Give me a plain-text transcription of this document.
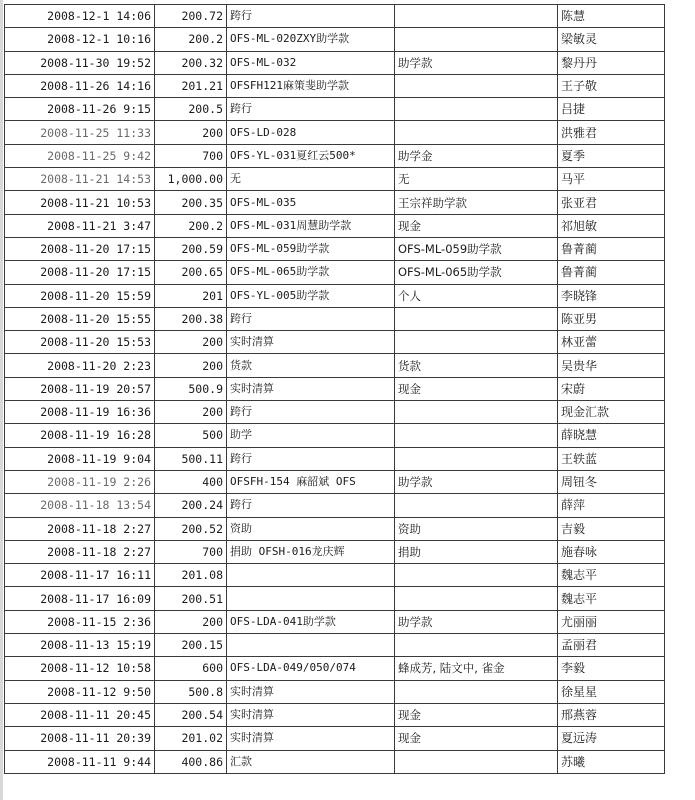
2008-12-1 14:06	200.72	跨行		陈慧
2008-12-1 10:16	200.2	OFS-ML-020ZXY助学款		梁敏灵
2008-11-30 19:52	200.32	OFS-ML-032	助学款	黎丹丹
2008-11-26 14:16	201.21	OFSFH121麻策斐助学款		王子敬
2008-11-26 9:15	200.5	跨行		吕捷
2008-11-25 11:33	200	OFS-LD-028		洪雅君
2008-11-25 9:42	700	OFS-YL-031夏红云500*	助学金	夏季
2008-11-21 14:53	1,000.00	无	无	马平
2008-11-21 10:53	200.35	OFS-ML-035	王宗祥助学款	张亚君
2008-11-21 3:47	200.2	OFS-ML-031周慧助学款	现金	祁旭敏
2008-11-20 17:15	200.59	OFS-ML-059助学款	OFS-ML-059助学款	鲁菁蔺
2008-11-20 17:15	200.65	OFS-ML-065助学款	OFS-ML-065助学款	鲁菁蔺
2008-11-20 15:59	201	OFS-YL-005助学款	个人	李晓锋
2008-11-20 15:55	200.38	跨行		陈亚男
2008-11-20 15:53	200	实时清算		林亚蕾
2008-11-20 2:23	200	货款	货款	吴贵华
2008-11-19 20:57	500.9	实时清算	现金	宋蔚
2008-11-19 16:36	200	跨行		现金汇款
2008-11-19 16:28	500	助学		薛晓慧
2008-11-19 9:04	500.11	跨行		王轶蓝
2008-11-19 2:26	400	OFSFH-154 麻韶斌 OFS	助学款	周钮冬
2008-11-18 13:54	200.24	跨行		薛萍
2008-11-18 2:27	200.52	资助	资助	吉毅
2008-11-18 2:27	700	捐助 OFSH-016龙庆辉	捐助	施春咏
2008-11-17 16:11	201.08			魏志平
2008-11-17 16:09	200.51			魏志平
2008-11-15 2:36	200	OFS-LDA-041助学款	助学款	尤丽丽
2008-11-13 15:19	200.15			孟丽君
2008-11-12 10:58	600	OFS-LDA-049/050/074	蜂成芳, 陆文中, 雀金	李毅
2008-11-12 9:50	500.8	实时清算		徐星星
2008-11-11 20:45	200.54	实时清算	现金	邢燕蓉
2008-11-11 20:39	201.02	实时清算	现金	夏远涛
2008-11-11 9:44	400.86	汇款		苏曦
